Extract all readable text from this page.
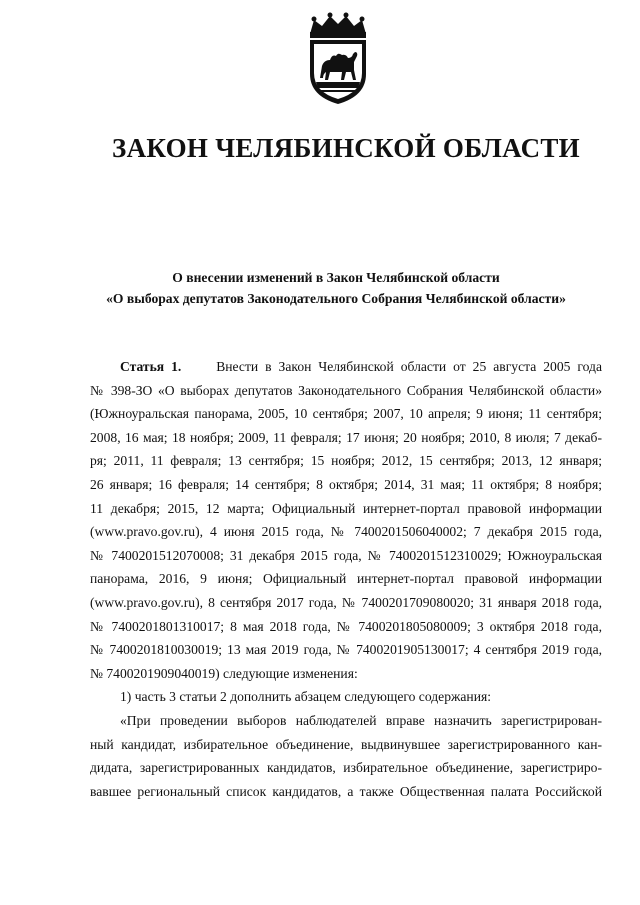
ЗАКОН ЧЕЛЯБИНСКОЙ ОБЛАСТИ
О внесении изменений в Закон Челябинской области
«О выборах депутатов Законодательного Собрания Челябинской области»
Статья 1.	Внести в Закон Челябинской области от 25 августа 2005 года
№ 398-ЗО «О выборах депутатов Законодательного Собрания Челябинской области»
(Южноуральская панорама, 2005, 10 сентября; 2007, 10 апреля; 9 июня; 11 сентября;
2008, 16 мая; 18 ноября; 2009, 11 февраля; 17 июня; 20 ноября; 2010, 8 июля; 7 декаб-
ря; 2011, 11 февраля; 13 сентября; 15 ноября; 2012, 15 сентября; 2013, 12 января;
26 января; 16 февраля; 14 сентября; 8 октября; 2014, 31 мая; 11 октября; 8 ноября;
11 декабря; 2015, 12 марта; Официальный интернет-портал правовой информации
(www.pravo.gov.ru), 4 июня 2015 года, № 7400201506040002; 7 декабря 2015 года,
№ 7400201512070008; 31 декабря 2015 года, № 7400201512310029; Южноуральская
панорама, 2016, 9 июня; Официальный интернет-портал правовой информации
(www.pravo.gov.ru), 8 сентября 2017 года, № 7400201709080020; 31 января 2018 года,
№ 7400201801310017; 8 мая 2018 года, № 7400201805080009; 3 октября 2018 года,
№ 7400201810030019; 13 мая 2019 года, № 7400201905130017; 4 сентября 2019 года,
№ 7400201909040019) следующие изменения:
1) часть 3 статьи 2 дополнить абзацем следующего содержания:
«При проведении выборов наблюдателей вправе назначить зарегистрирован-
ный кандидат, избирательное объединение, выдвинувшее зарегистрированного кан-
дидата, зарегистрированных кандидатов, избирательное объединение, зарегистриро-
вавшее региональный список кандидатов, а также Общественная палата Российской
